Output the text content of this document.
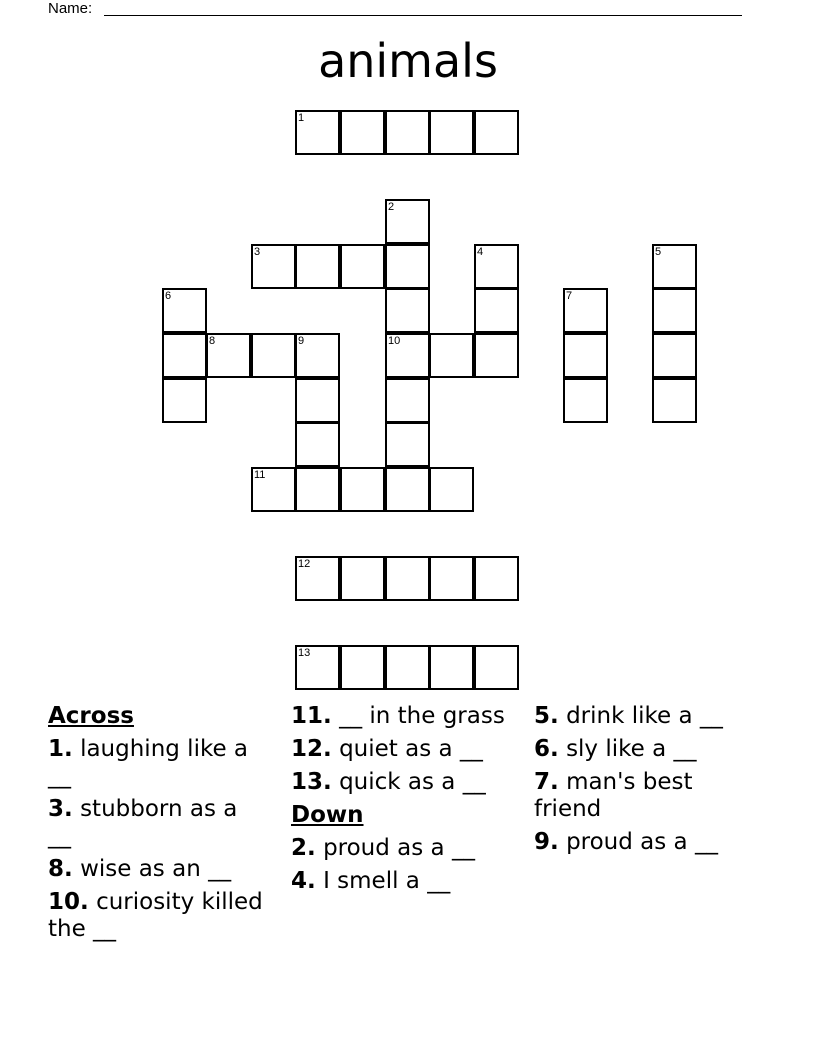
Name:
animals
1
2
3	4	5
6	7
8	9	10
11
12
13
Across
1. laughing like a __
3. stubborn as a __
8. wise as an __
10. curiosity killed the __
11. __ in the grass
12. quiet as a __
13. quick as a __
Down
2. proud as a __
4. I smell a __
5. drink like a __
6. sly like a __
7. man's best friend
9. proud as a __
